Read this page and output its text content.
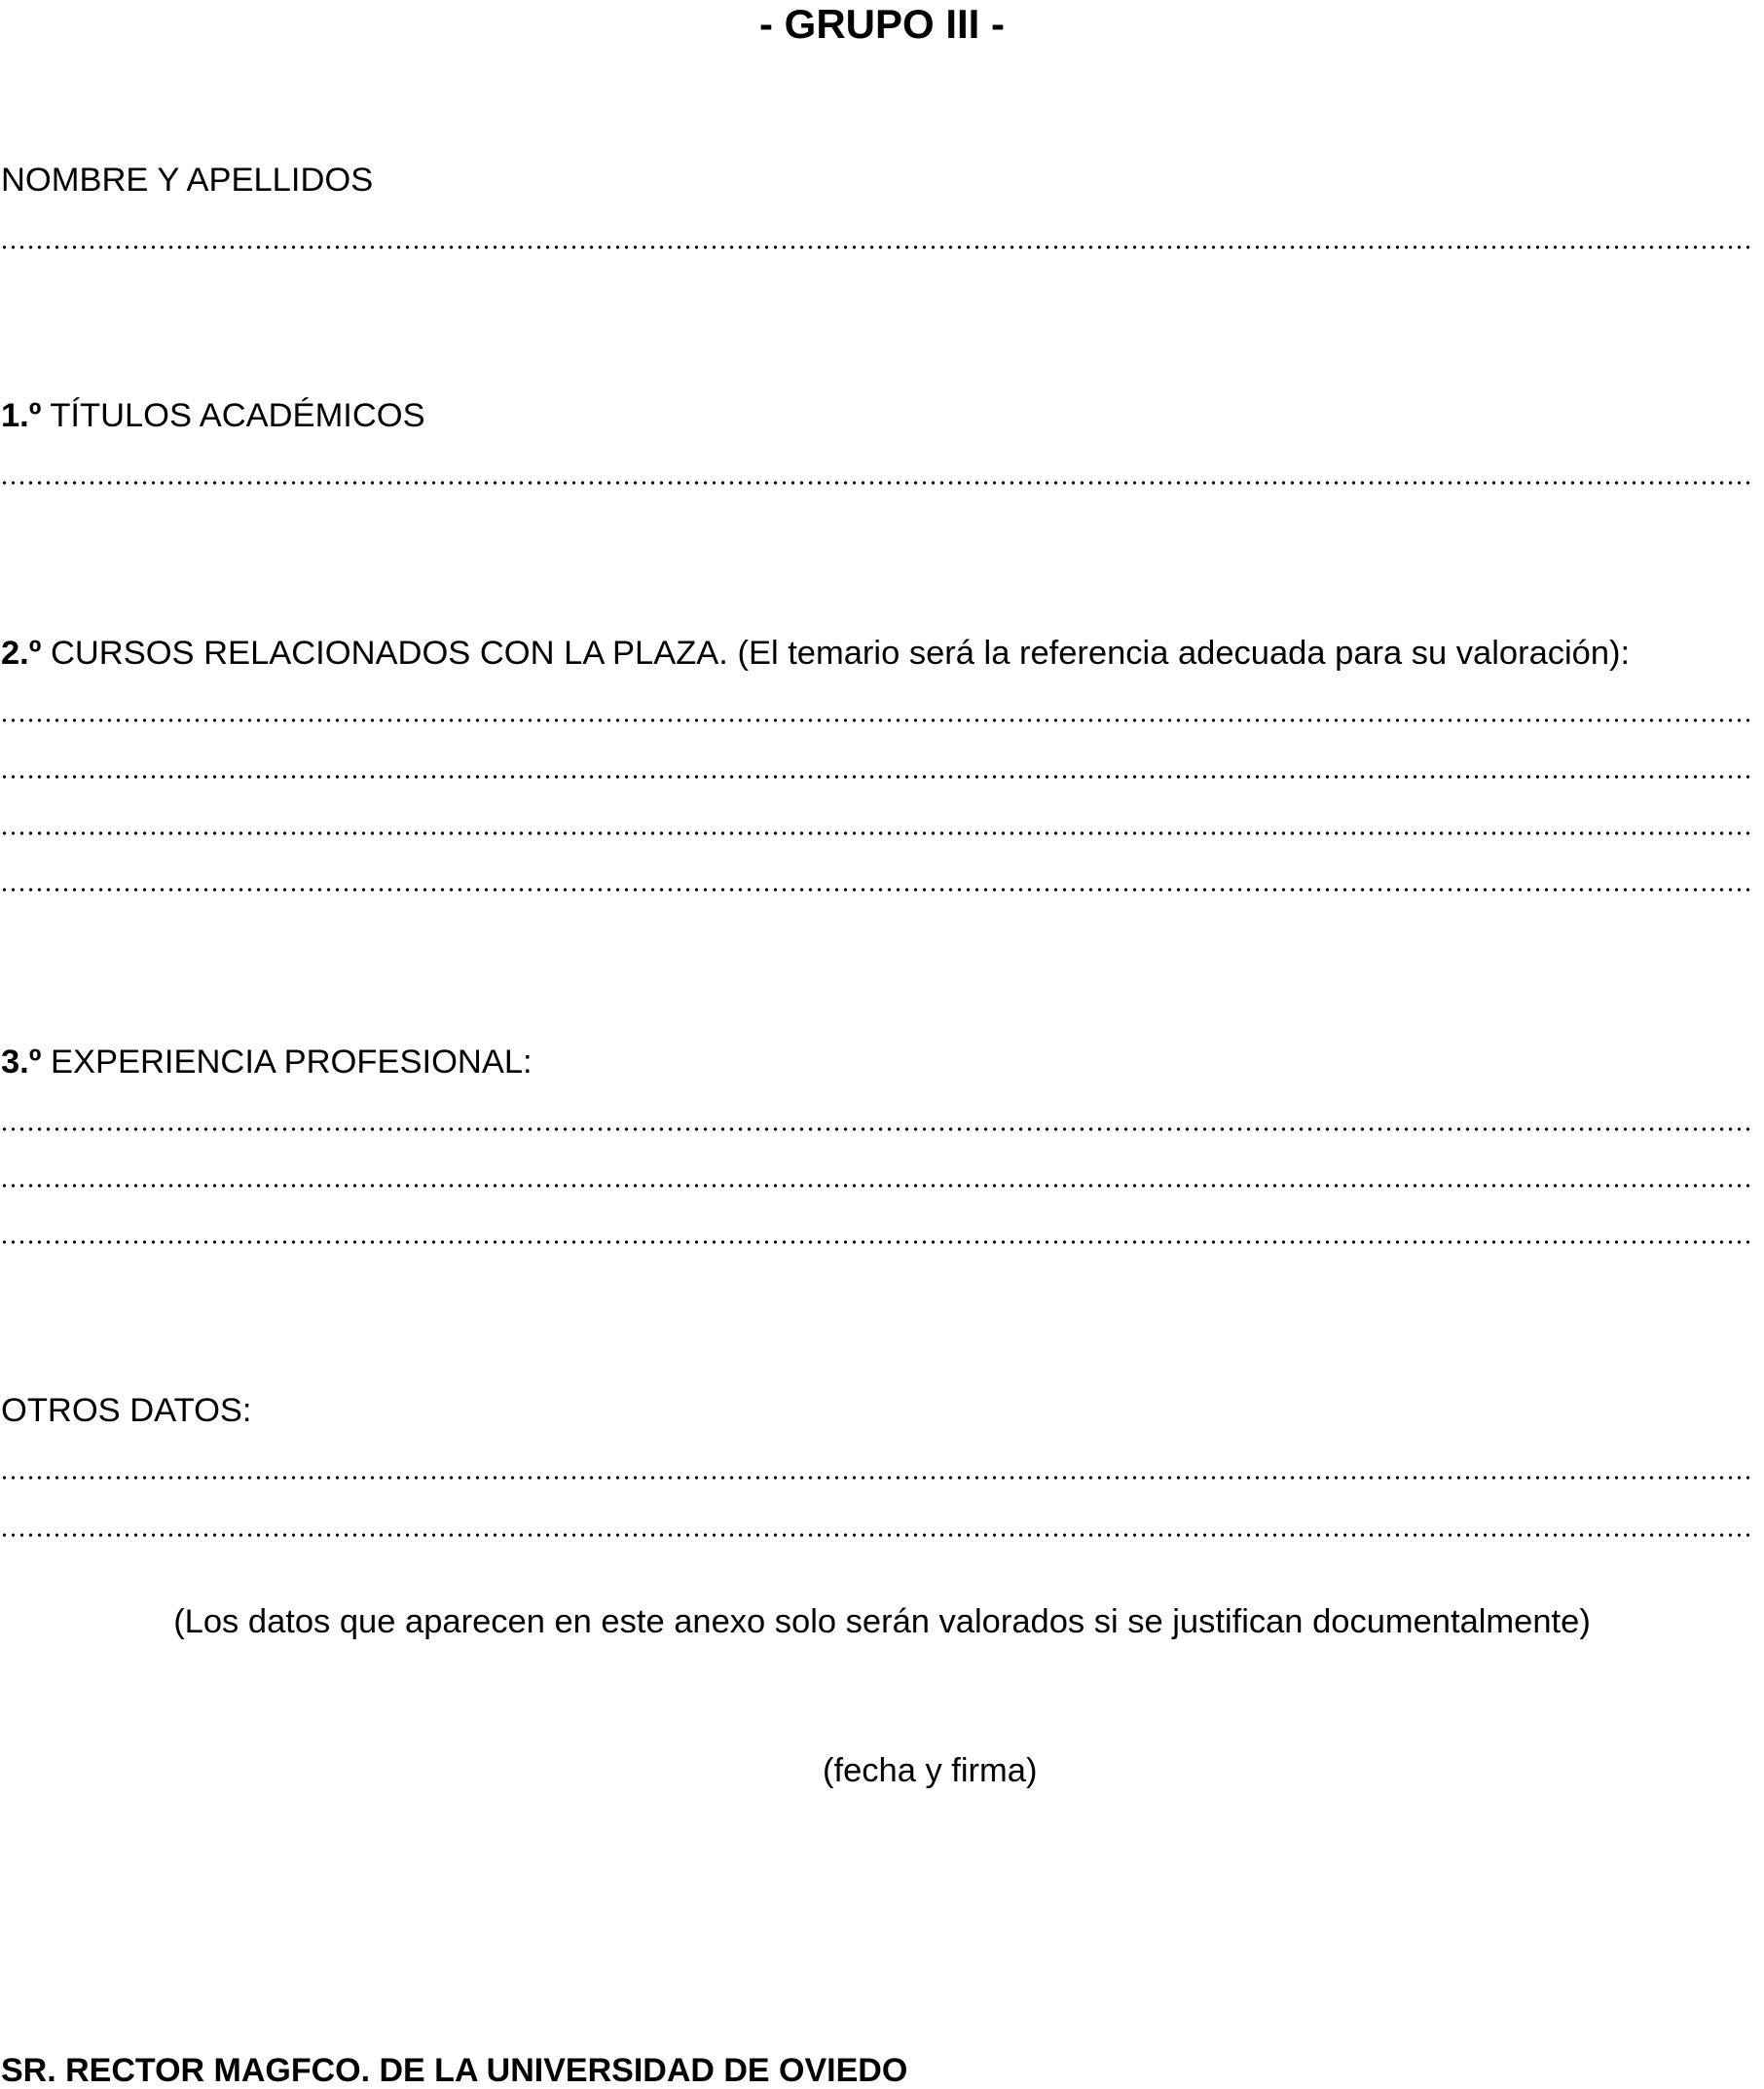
- GRUPO III -
NOMBRE Y APELLIDOS
1.º TÍTULOS ACADÉMICOS
2.º CURSOS RELACIONADOS CON LA PLAZA. (El temario será la referencia adecuada para su valoración):
3.º EXPERIENCIA PROFESIONAL:
OTROS DATOS:
(Los datos que aparecen en este anexo solo serán valorados si se justifican documentalmente)
(fecha y firma)
SR. RECTOR MAGFCO. DE LA UNIVERSIDAD DE OVIEDO
